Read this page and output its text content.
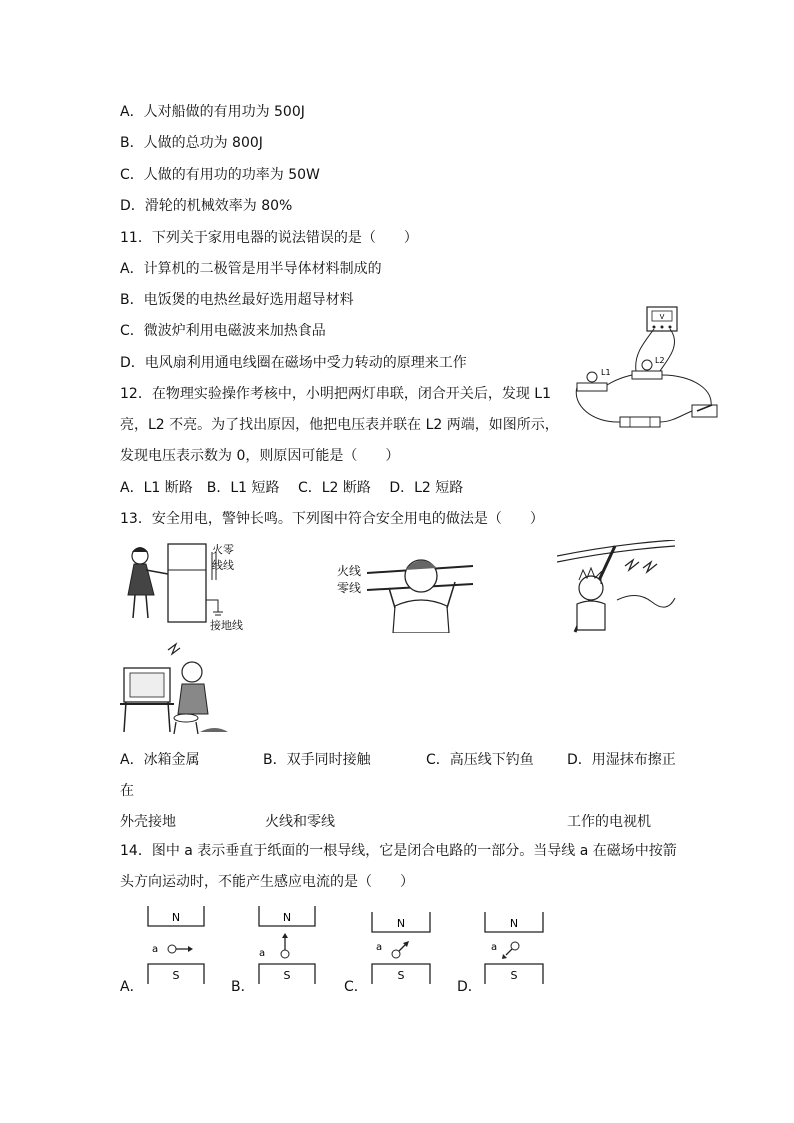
A．人对船做的有用功为 500J
B．人做的总功为 800J
C．人做的有用功的功率为 50W
D．滑轮的机械效率为 80%
11．下列关于家用电器的说法错误的是（　　）
A．计算机的二极管是用半导体材料制成的
B．电饭煲的电热丝最好选用超导材料
C．微波炉利用电磁波来加热食品
D．电风扇利用通电线圈在磁场中受力转动的原理来工作
12．在物理实验操作考核中，小明把两灯串联，闭合开关后，发现 L1
亮，L2 不亮。为了找出原因，他把电压表并联在 L2 两端，如图所示，
发现电压表示数为 0，则原因可能是（　　）
A．L1 断路　B．L1 短路　 C．L2 断路　 D．L2 短路
V
L1
L2
13．安全用电，警钟长鸣。下列图中符合安全用电的做法是（　　）
火零
线线
接地线
火线
零线
A．冰箱金属	B．双手同时接触	C．高压线下钓鱼 D．用湿抹布擦正
在
外壳接地	火线和零线	工作的电视机
14．图中 a 表示垂直于纸面的一根导线，它是闭合电路的一部分。当导线 a 在磁场中按箭
头方向运动时，不能产生感应电流的是（　　）
A．
N
S
a
B．
N
S
a
C．
N
S
a
D．
N
S
a
